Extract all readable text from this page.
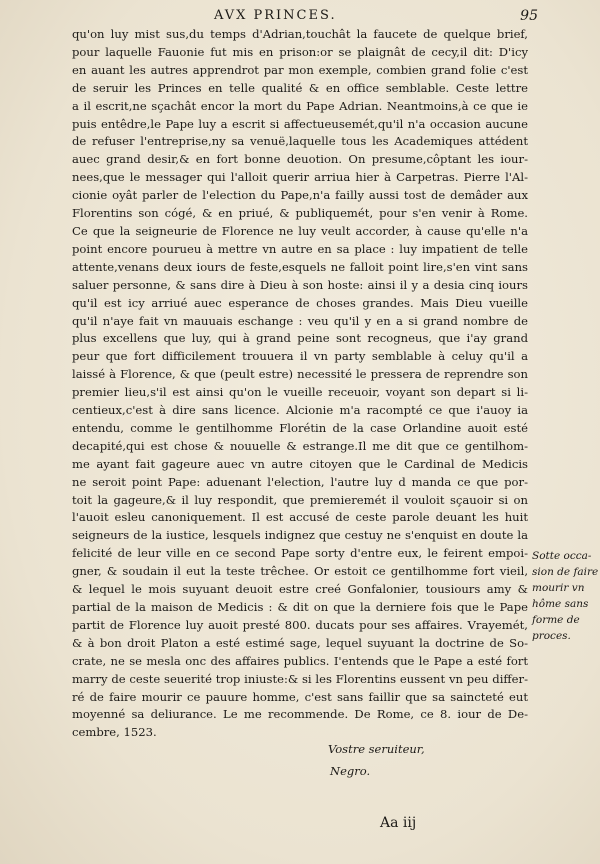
AVX PRINCES.	95
qu'on luy mist sus,du temps d'Adrian,touchât la faucete de quelque brief,
pour laquelle Fauonie fut mis en prison:or se plaignât de cecy,il dit: D'icy
en auant les autres apprendrot par mon exemple, combien grand folie c'est
de seruir les Princes en telle qualité & en office semblable. Ceste lettre
a il escrit,ne sçachât encor la mort du Pape Adrian. Neantmoins,à ce que ie
puis entêdre,le Pape luy a escrit si affectueusemét,qu'il n'a occasion aucune
de refuser l'entreprise,ny sa venuë,laquelle tous les Academiques attédent
auec grand desir,& en fort bonne deuotion. On presume,côptant les iour-
nees,que le messager qui l'alloit querir arriua hier à Carpetras. Pierre l'Al-
cionie oyât parler de l'election du Pape,n'a failly aussi tost de demâder aux
Florentins son cógé, & en priué, & publiquemét, pour s'en venir à Rome.
Ce que la seigneurie de Florence ne luy veult accorder, à cause qu'elle n'a
point encore pourueu à mettre vn autre en sa place : luy impatient de telle
attente,venans deux iours de feste,esquels ne falloit point lire,s'en vint sans
saluer personne, & sans dire à Dieu à son hoste: ainsi il y a desia cinq iours
qu'il est icy arriué auec esperance de choses grandes. Mais Dieu vueille
qu'il n'aye fait vn mauuais eschange : veu qu'il y en a si grand nombre de
plus excellens que luy, qui à grand peine sont recogneus, que i'ay grand
peur que fort difficilement trouuera il vn party semblable à celuy qu'il a
laissé à Florence, & que (peult estre) necessité le pressera de reprendre son
premier lieu,s'il est ainsi qu'on le vueille receuoir, voyant son depart si li-
centieux,c'est à dire sans licence. Alcionie m'a racompté ce que i'auoy ia
entendu, comme le gentilhomme Florétin de la case Orlandine auoit esté
decapité,qui est chose & nouuelle & estrange.Il me dit que ce gentilhom-
me ayant fait gageure auec vn autre citoyen que le Cardinal de Medicis
ne seroit point Pape: aduenant l'election, l'autre luy d manda ce que por-
toit la gageure,& il luy respondit, que premieremét il vouloit sçauoir si on
l'auoit esleu canoniquement. Il est accusé de ceste parole deuant les huit
seigneurs de la iustice, lesquels indignez que cestuy ne s'enquist en doute la
felicité de leur ville en ce second Pape sorty d'entre eux, le feirent empoi-
gner, & soudain il eut la teste trêchee. Or estoit ce gentilhomme fort vieil,
& lequel le mois suyuant deuoit estre creé Gonfalonier, tousiours amy &
partial de la maison de Medicis : & dit on que la derniere fois que le Pape
partit de Florence luy auoit presté 800. ducats pour ses affaires. Vrayemét,
& à bon droit Platon a esté estimé sage, lequel suyuant la doctrine de So-
crate, ne se mesla onc des affaires publics. I'entends que le Pape a esté fort
marry de ceste seuerité trop iniuste:& si les Florentins eussent vn peu differ-
ré de faire mourir ce pauure homme, c'est sans faillir que sa saincteté eut
moyenné sa deliurance. Le me recommende. De Rome, ce 8. iour de De-
cembre, 1523.
Sotte occa-
sion de faire
mourir vn
hôme sans
forme de
proces.
Vostre seruiteur,
Negro.
Aa iij
